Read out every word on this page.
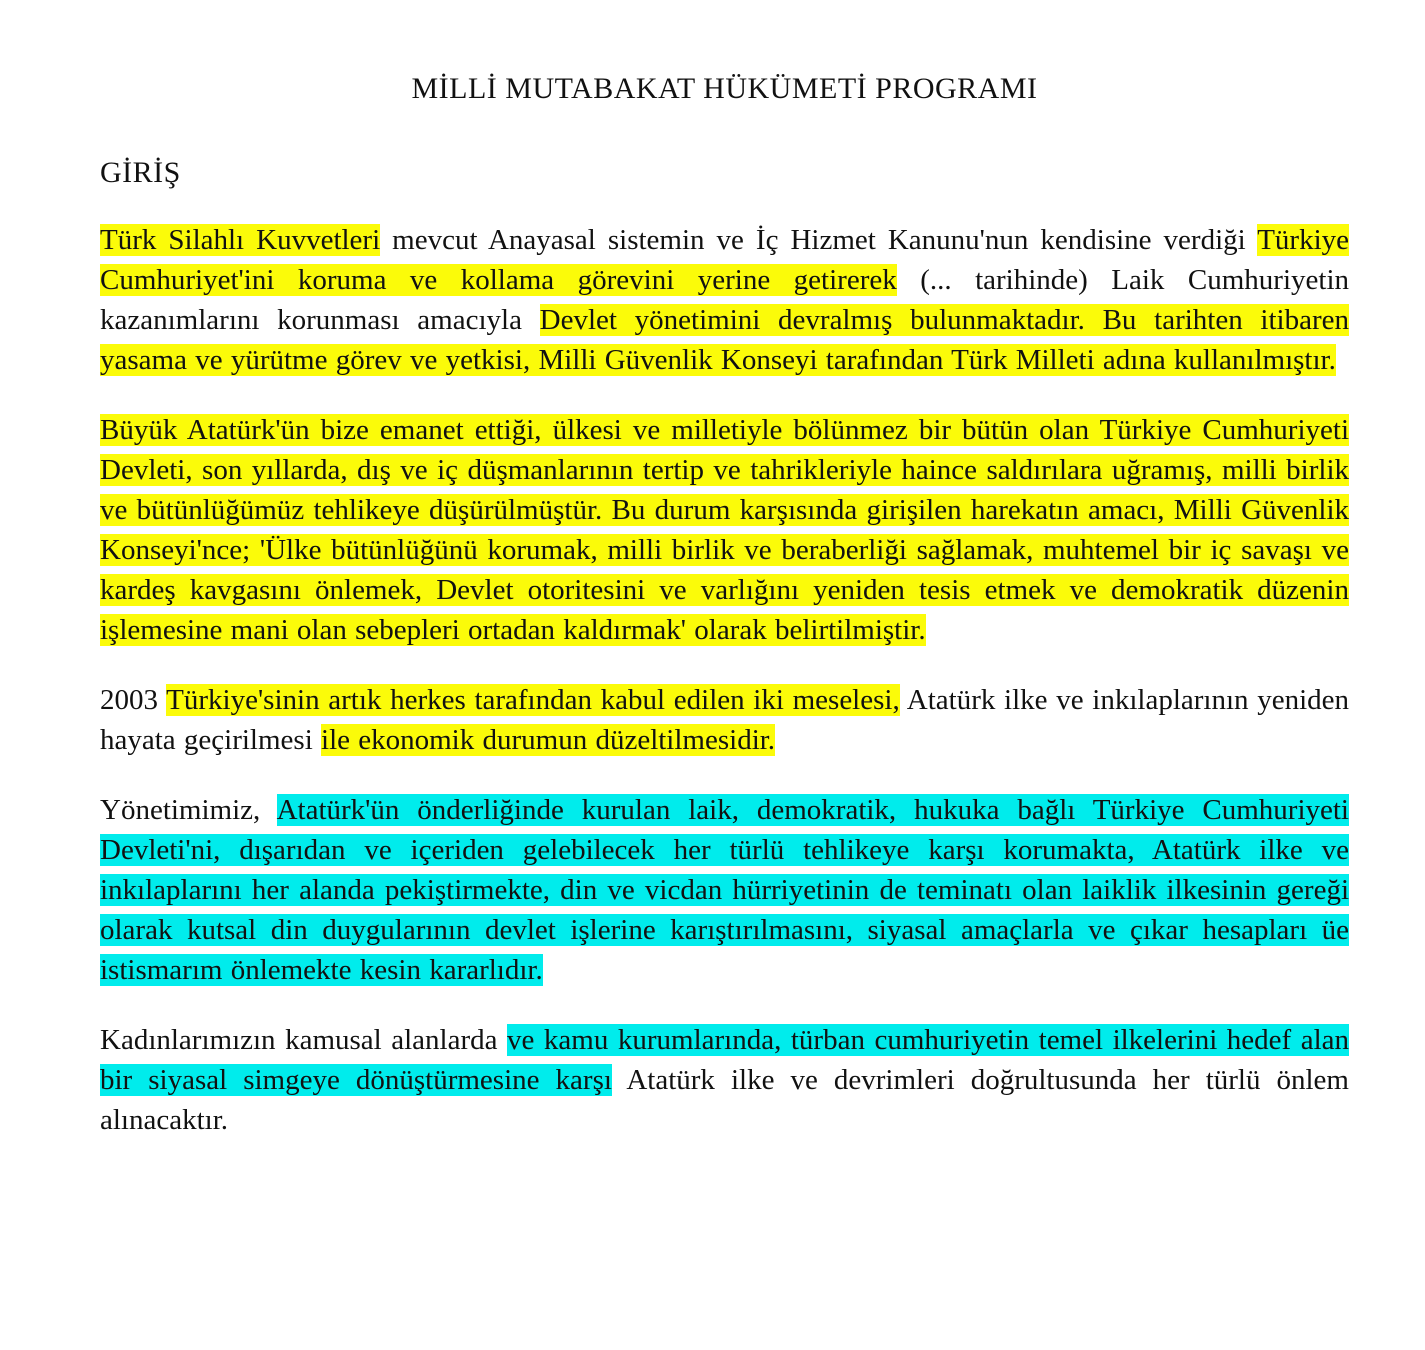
MİLLİ MUTABAKAT HÜKÜMETİ PROGRAMI
GİRİŞ

Türk Silahlı Kuvvetleri mevcut Anayasal sistemin ve İç Hizmet Kanunu'nun kendisine verdiği Türkiye Cumhuriyet'ini koruma ve kollama görevini yerine getirerek (... tarihinde) Laik Cumhuriyetin kazanımlarını korunması amacıyla Devlet yönetimini devralmış bulunmaktadır. Bu tarihten itibaren yasama ve yürütme görev ve yetkisi, Milli Güvenlik Konseyi tarafından Türk Milleti adına kullanılmıştır.

Büyük Atatürk'ün bize emanet ettiği, ülkesi ve milletiyle bölünmez bir bütün olan Türkiye Cumhuriyeti Devleti, son yıllarda, dış ve iç düşmanlarının tertip ve tahrikleriyle haince saldırılara uğramış, milli birlik ve bütünlüğümüz tehlikeye düşürülmüştür. Bu durum karşısında girişilen harekatın amacı, Milli Güvenlik Konseyi'nce; 'Ülke bütünlüğünü korumak, milli birlik ve beraberliği sağlamak, muhtemel bir iç savaşı ve kardeş kavgasını önlemek, Devlet otoritesini ve varlığını yeniden tesis etmek ve demokratik düzenin işlemesine mani olan sebepleri ortadan kaldırmak' olarak belirtilmiştir.

2003 Türkiye'sinin artık herkes tarafından kabul edilen iki meselesi, Atatürk ilke ve inkılaplarının yeniden hayata geçirilmesi ile ekonomik durumun düzeltilmesidir.

Yönetimimiz, Atatürk'ün önderliğinde kurulan laik, demokratik, hukuka bağlı Türkiye Cumhuriyeti Devleti'ni, dışarıdan ve içeriden gelebilecek her türlü tehlikeye karşı korumakta, Atatürk ilke ve inkılaplarını her alanda pekiştirmekte, din ve vicdan hürriyetinin de teminatı olan laiklik ilkesinin gereği olarak kutsal din duygularının devlet işlerine karıştırılmasını, siyasal amaçlarla ve çıkar hesapları üe istismarım önlemekte kesin kararlıdır.

Kadınlarımızın kamusal alanlarda ve kamu kurumlarında, türban cumhuriyetin temel ilkelerini hedef alan bir siyasal simgeye dönüştürmesine karşı Atatürk ilke ve devrimleri doğrultusunda her türlü önlem alınacaktır.
